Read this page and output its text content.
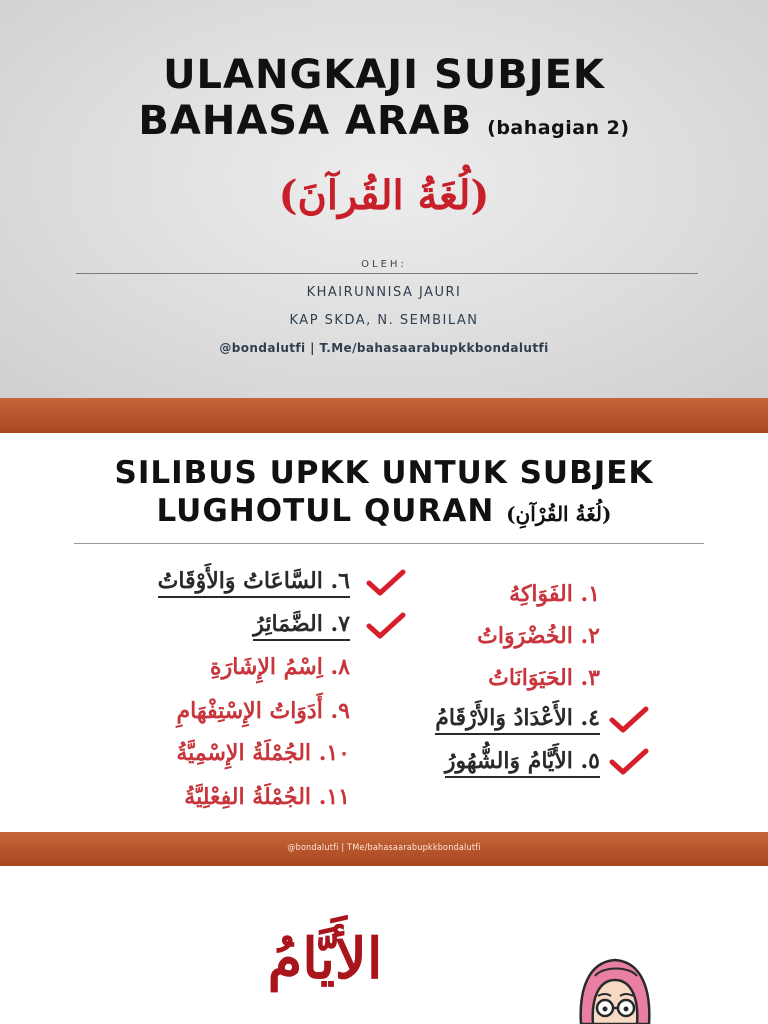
ULANGKAJI SUBJEK
BAHASA ARAB (bahagian 2)
(لُغَةُ القُرآنَ)
OLEH:
KHAIRUNNISA JAURI
KAP SKDA, N. SEMBILAN
@bondalutfi | T.Me/bahasaarabupkkbondalutfi
SILIBUS UPKK UNTUK SUBJEK
LUGHOTUL QURAN (لُغَةُ القُرْآنِ)
١. الفَوَاكِهُ
٢. الخُضْرَوَاتُ
٣. الحَيَوَانَاتُ
٤. الأَعْدَادُ وَالأَرْقَامُ
٥. الأَيَّامُ وَالشُّهُورُ
٦. السَّاعَاتُ وَالأَوْقَاتُ
٧. الضَّمَائِرُ
٨. اِسْمُ الإِشَارَةِ
٩. أَدَوَاتُ الإِسْتِفْهَامِ
١٠. الجُمْلَةُ الإِسْمِيَّةُ
١١. الجُمْلَةُ الفِعْلِيَّةُ
@bondalutfi | TMe/bahasaarabupkkbondalutfi
الأَيَّامُ
